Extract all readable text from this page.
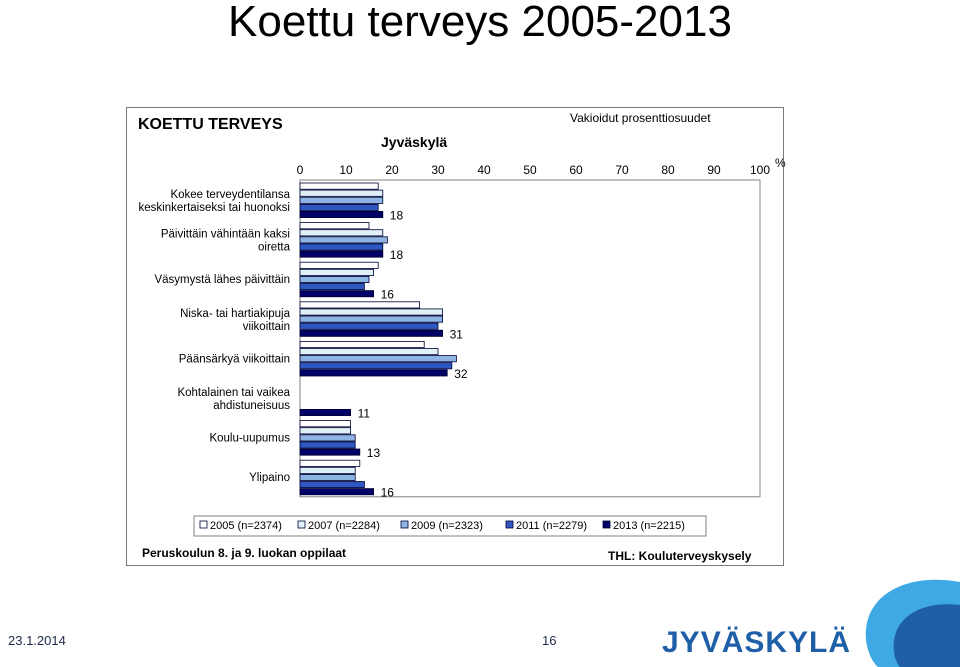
Koettu terveys 2005-2013
KOETTU TERVEYS
Jyväskylä
Vakioidut prosenttiosuudet
Peruskoulun 8. ja 9. luokan oppilaat	THL: Kouluterveyskysely
0	10	20	30	40	50	60	70	80	90 100 %
Kokee terveydentilansa
keskinkertaiseksi tai huonoksi
18
Päivittäin vähintään kaksi
oiretta
18
Väsymystä lähes päivittäin
16
Niska- tai hartiakipuja
viikoittain
31
Päänsärkyä viikoittain
32
Kohtalainen tai vaikea
ahdistuneisuus
11
Koulu-uupumus
13
Ylipaino
16
2005 (n=2374) 2007 (n=2284)	2009 (n=2323)	2011 (n=2279) 2013 (n=2215)
23.1.2014	16	JYVÄSKYLÄ
